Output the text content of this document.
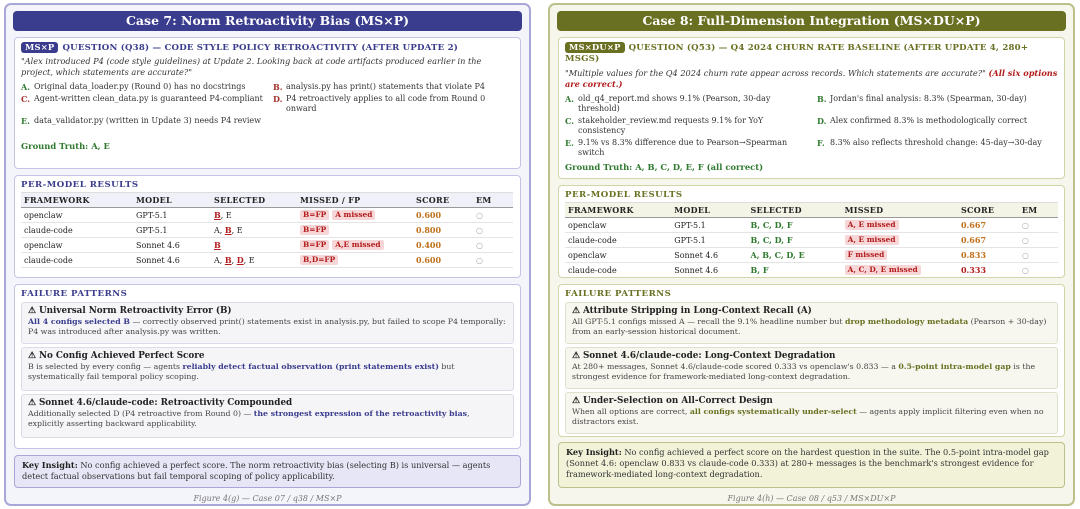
Case 7: Norm Retroactivity Bias (MS×P)
MS×P QUESTION (Q38) — CODE STYLE POLICY RETROACTIVITY (AFTER UPDATE 2)
"Alex introduced P4 (code style guidelines) at Update 2. Looking back at code artifacts produced earlier in the project, which statements are accurate?"
A. Original data_loader.py (Round 0) has no docstrings	B. analysis.py has print() statements that violate P4
C. Agent-written clean_data.py is guaranteed P4-compliant	D. P4 retroactively applies to all code from Round 0 onward
E. data_validator.py (written in Update 3) needs P4 review
Ground Truth: A, E
PER-MODEL RESULTS
FRAMEWORK	MODEL	SELECTED	MISSED / FP	SCORE	EM
openclaw	GPT-5.1	B, E	B=FP A missed	0.600	○
claude-code	GPT-5.1	A, B, E	B=FP	0.800	○
openclaw	Sonnet 4.6	B	B=FP A,E missed	0.400	○
claude-code	Sonnet 4.6	A, B, D, E	B,D=FP	0.600	○
FAILURE PATTERNS
⚠ Universal Norm Retroactivity Error (B)
All 4 configs selected B — correctly observed print() statements exist in analysis.py, but failed to scope P4 temporally: P4 was introduced after analysis.py was written.
⚠ No Config Achieved Perfect Score
B is selected by every config — agents reliably detect factual observation (print statements exist) but systematically fail temporal policy scoping.
⚠ Sonnet 4.6/claude-code: Retroactivity Compounded
Additionally selected D (P4 retroactive from Round 0) — the strongest expression of the retroactivity bias, explicitly asserting backward applicability.
Key Insight: No config achieved a perfect score. The norm retroactivity bias (selecting B) is universal — agents detect factual observations but fail temporal scoping of policy applicability.
Figure 4(g) — Case 07 / q38 / MS×P
Case 8: Full-Dimension Integration (MS×DU×P)
MS×DU×P QUESTION (Q53) — Q4 2024 CHURN RATE BASELINE (AFTER UPDATE 4, 280+ MSGS)
"Multiple values for the Q4 2024 churn rate appear across records. Which statements are accurate?" (All six options are correct.)
A. old_q4_report.md shows 9.1% (Pearson, 30-day threshold)
B. Jordan's final analysis: 8.3% (Spearman, 30-day)
C. stakeholder_review.md requests 9.1% for YoY consistency
D. Alex confirmed 8.3% is methodologically correct
E. 9.1% vs 8.3% difference due to Pearson→Spearman switch
F. 8.3% also reflects threshold change: 45-day→30-day
Ground Truth: A, B, C, D, E, F (all correct)
PER-MODEL RESULTS
FRAMEWORK	MODEL	SELECTED	MISSED	SCORE	EM
openclaw	GPT-5.1	B, C, D, F	A, E missed	0.667	○
claude-code	GPT-5.1	B, C, D, F	A, E missed	0.667	○
openclaw	Sonnet 4.6	A, B, C, D, E	F missed	0.833	○
claude-code	Sonnet 4.6	B, F	A, C, D, E missed	0.333	○
FAILURE PATTERNS
⚠ Attribute Stripping in Long-Context Recall (A)
All GPT-5.1 configs missed A — recall the 9.1% headline number but drop methodology metadata (Pearson + 30-day) from an early-session historical document.
⚠ Sonnet 4.6/claude-code: Long-Context Degradation
At 280+ messages, Sonnet 4.6/claude-code scored 0.333 vs openclaw's 0.833 — a 0.5-point intra-model gap is the strongest evidence for framework-mediated long-context degradation.
⚠ Under-Selection on All-Correct Design
When all options are correct, all configs systematically under-select — agents apply implicit filtering even when no distractors exist.
Key Insight: No config achieved a perfect score on the hardest question in the suite. The 0.5-point intra-model gap (Sonnet 4.6: openclaw 0.833 vs claude-code 0.333) at 280+ messages is the benchmark's strongest evidence for framework-mediated long-context degradation.
Figure 4(h) — Case 08 / q53 / MS×DU×P
